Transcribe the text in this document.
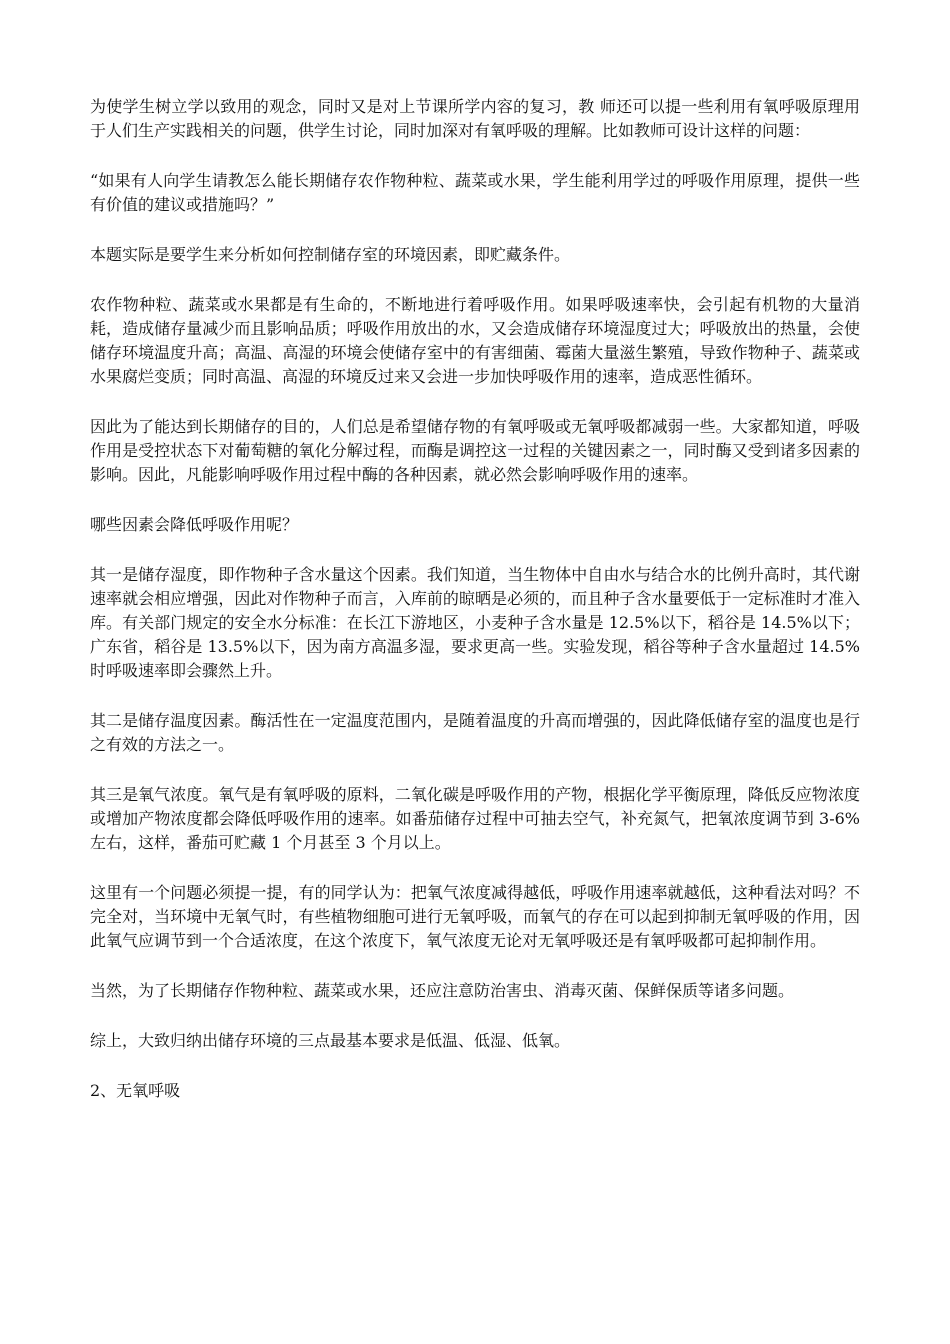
为使学生树立学以致用的观念，同时又是对上节课所学内容的复习，教 师还可以提一些利用有氧呼吸原理用于人们生产实践相关的问题，供学生讨论，同时加深对有氧呼吸的理解。比如教师可设计这样的问题：

“如果有人向学生请教怎么能长期储存农作物种粒、蔬菜或水果，学生能利用学过的呼吸作用原理，提供一些有价值的建议或措施吗？”

本题实际是要学生来分析如何控制储存室的环境因素，即贮藏条件。

农作物种粒、蔬菜或水果都是有生命的，不断地进行着呼吸作用。如果呼吸速率快，会引起有机物的大量消耗，造成储存量减少而且影响品质；呼吸作用放出的水，又会造成储存环境湿度过大；呼吸放出的热量，会使储存环境温度升高；高温、高湿的环境会使储存室中的有害细菌、霉菌大量滋生繁殖，导致作物种子、蔬菜或水果腐烂变质；同时高温、高湿的环境反过来又会进一步加快呼吸作用的速率，造成恶性循环。

因此为了能达到长期储存的目的，人们总是希望储存物的有氧呼吸或无氧呼吸都减弱一些。大家都知道，呼吸作用是受控状态下对葡萄糖的氧化分解过程，而酶是调控这一过程的关键因素之一，同时酶又受到诸多因素的影响。因此，凡能影响呼吸作用过程中酶的各种因素，就必然会影响呼吸作用的速率。

哪些因素会降低呼吸作用呢？

其一是储存湿度，即作物种子含水量这个因素。我们知道，当生物体中自由水与结合水的比例升高时，其代谢速率就会相应增强，因此对作物种子而言，入库前的晾晒是必须的，而且种子含水量要低于一定标准时才准入库。有关部门规定的安全水分标准：在长江下游地区，小麦种子含水量是 12.5%以下，稻谷是 14.5%以下；广东省，稻谷是 13.5%以下，因为南方高温多湿，要求更高一些。实验发现，稻谷等种子含水量超过 14.5%时呼吸速率即会骤然上升。

其二是储存温度因素。酶活性在一定温度范围内，是随着温度的升高而增强的，因此降低储存室的温度也是行之有效的方法之一。

其三是氧气浓度。氧气是有氧呼吸的原料，二氧化碳是呼吸作用的产物，根据化学平衡原理，降低反应物浓度或增加产物浓度都会降低呼吸作用的速率。如番茄储存过程中可抽去空气，补充氮气，把氧浓度调节到 3-6%左右，这样，番茄可贮藏 1 个月甚至 3 个月以上。

这里有一个问题必须提一提，有的同学认为：把氧气浓度减得越低，呼吸作用速率就越低，这种看法对吗？不完全对，当环境中无氧气时，有些植物细胞可进行无氧呼吸，而氧气的存在可以起到抑制无氧呼吸的作用，因此氧气应调节到一个合适浓度，在这个浓度下，氧气浓度无论对无氧呼吸还是有氧呼吸都可起抑制作用。

当然，为了长期储存作物种粒、蔬菜或水果，还应注意防治害虫、消毒灭菌、保鲜保质等诸多问题。

综上，大致归纳出储存环境的三点最基本要求是低温、低湿、低氧。

2、无氧呼吸
